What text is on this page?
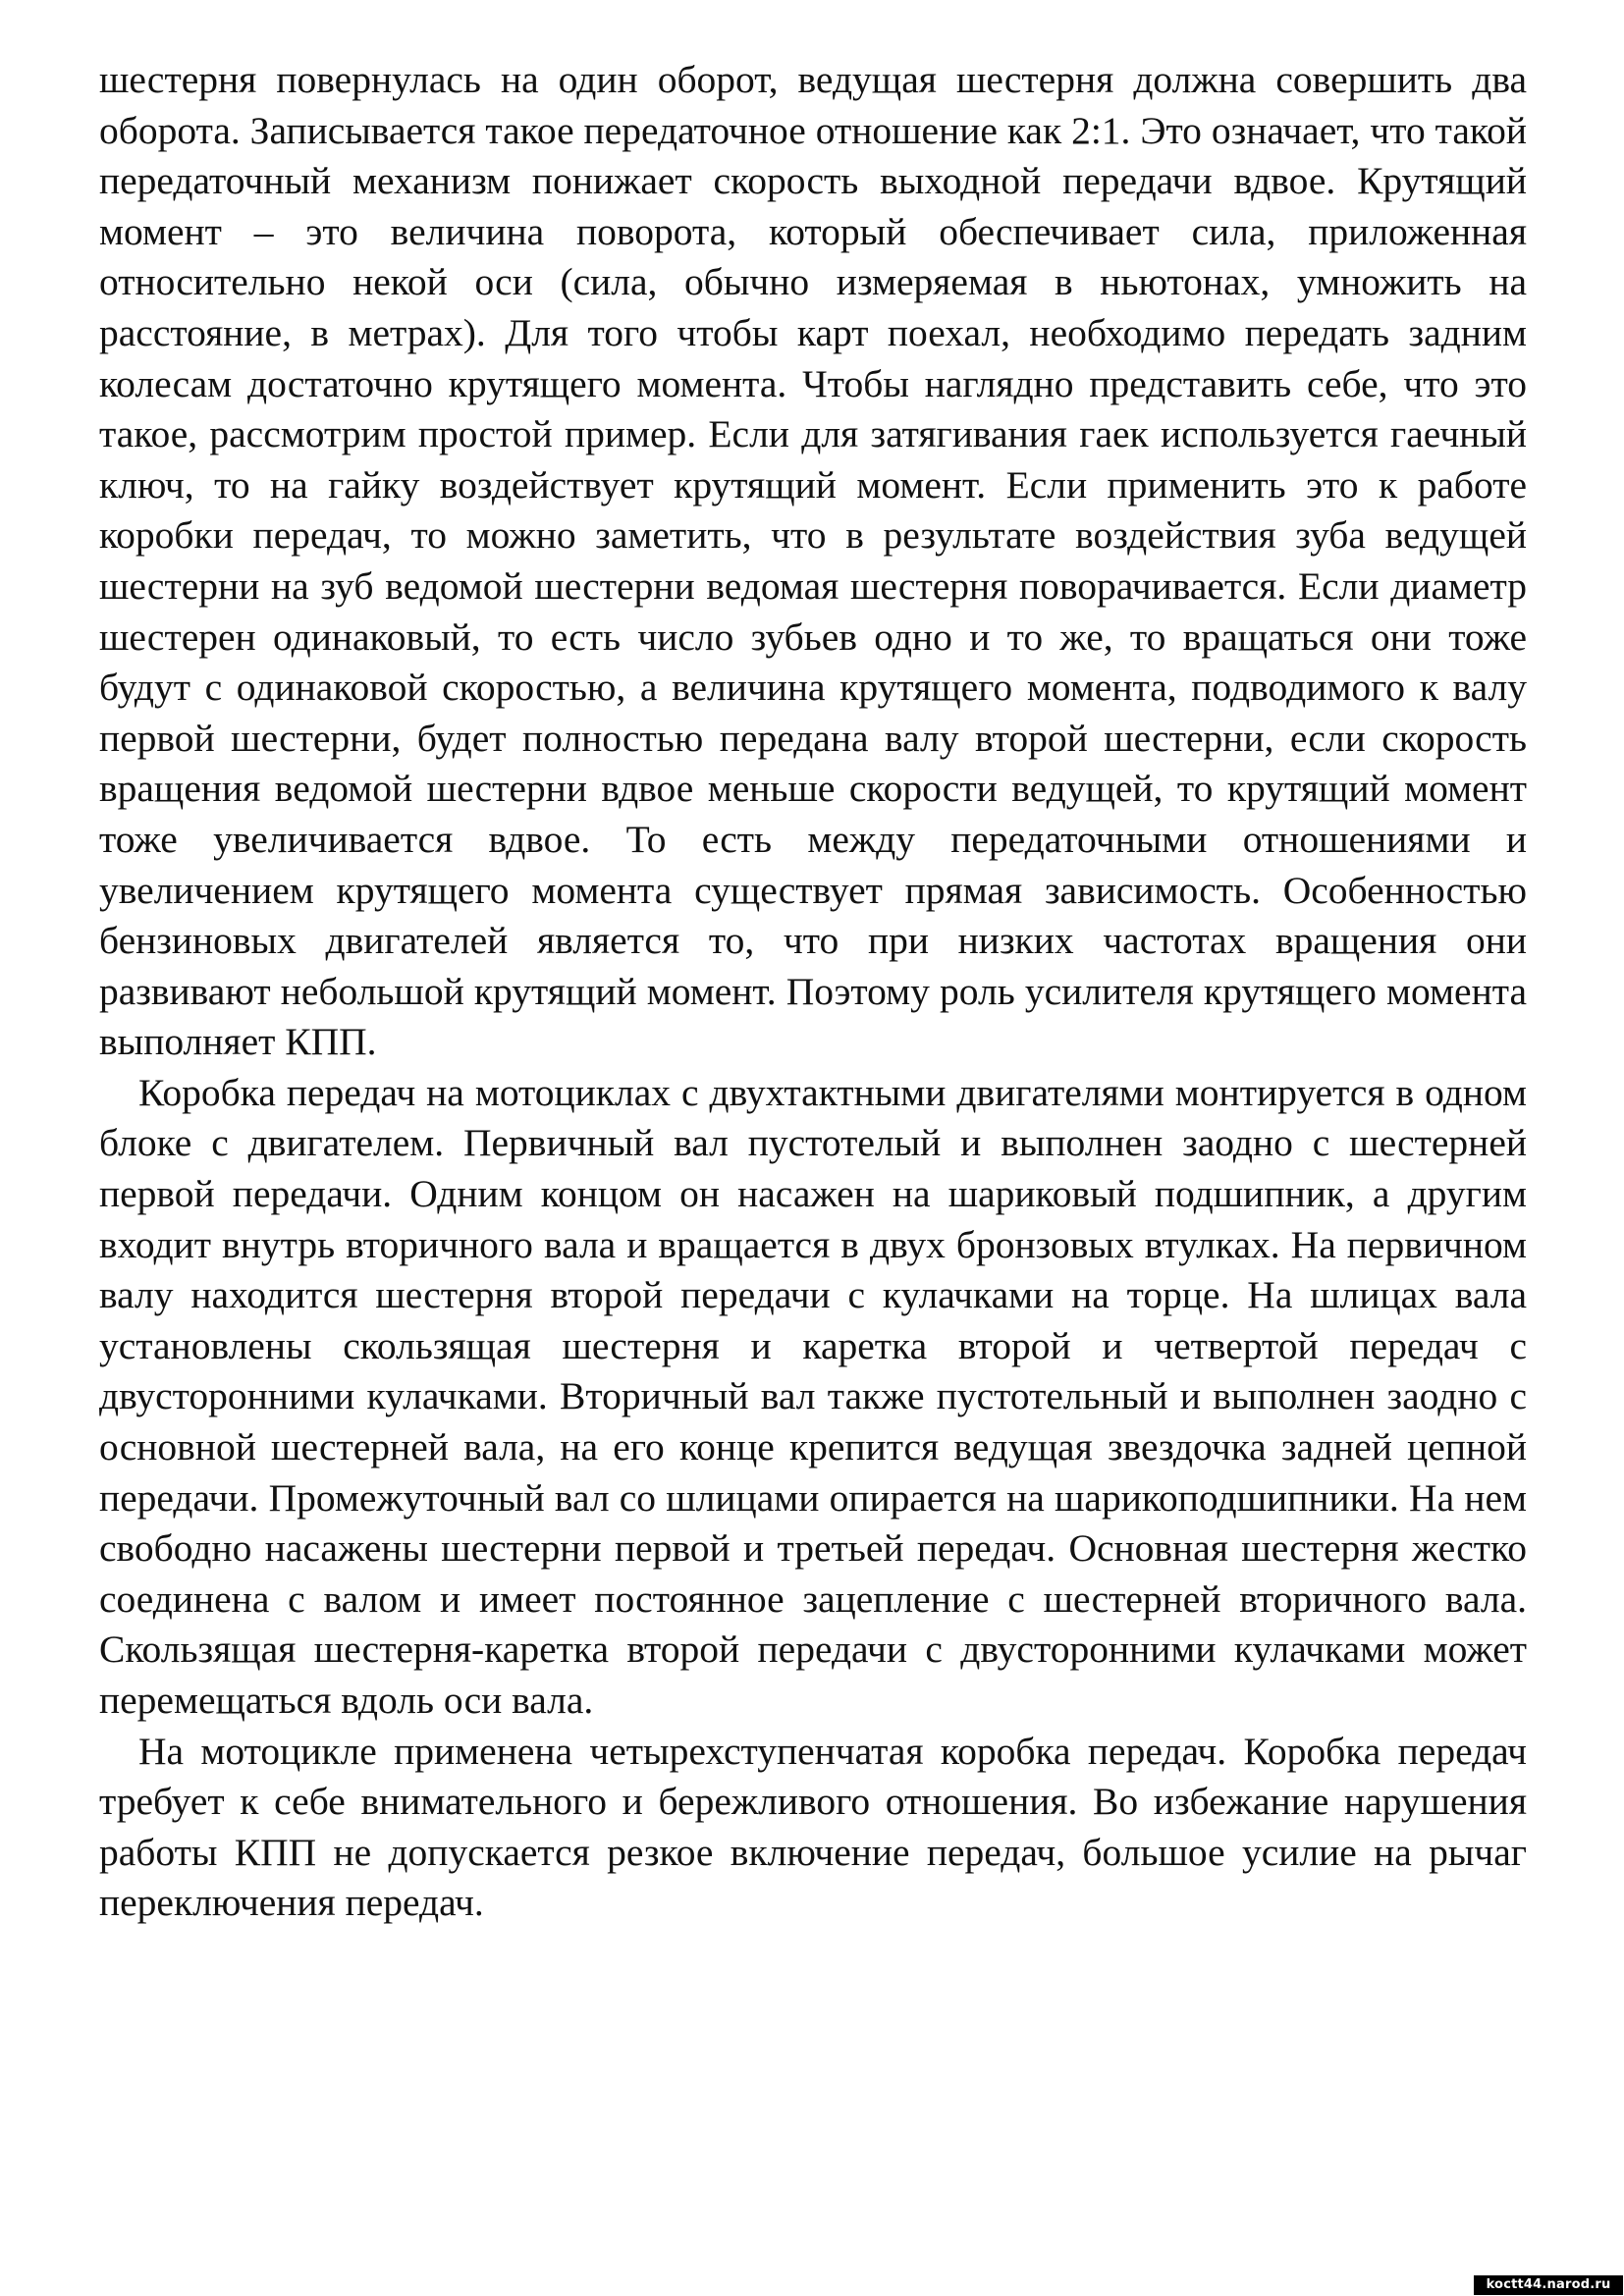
шестерня повернулась на один оборот, ведущая шестерня должна совершить два оборота. Записывается такое передаточное отношение как 2:1. Это означает, что такой передаточный механизм понижает скорость выходной передачи вдвое. Крутящий момент – это величина поворота, который обеспечивает сила, приложенная относительно некой оси (сила, обычно измеряемая в ньютонах, умножить на расстояние, в метрах). Для того чтобы карт поехал, необходимо передать задним колесам достаточно крутящего момента. Чтобы наглядно представить себе, что это такое, рассмотрим простой пример. Если для затягивания гаек используется гаечный ключ, то на гайку воздействует крутящий момент. Если применить это к работе коробки передач, то можно заметить, что в результате воздействия зуба ведущей шестерни на зуб ведомой шестерни ведомая шестерня поворачивается. Если диаметр шестерен одинаковый, то есть число зубьев одно и то же, то вращаться они тоже будут с одинаковой скоростью, а величина крутящего момента, подводимого к валу первой шестерни, будет полностью передана валу второй шестерни, если скорость вращения ведомой шестерни вдвое меньше скорости ведущей, то крутящий момент тоже увеличивается вдвое. То есть между передаточными отношениями и увеличением крутящего момента существует прямая зависимость. Особенностью бензиновых двигателей является то, что при низких частотах вращения они развивают небольшой крутящий момент. Поэтому роль усилителя крутящего момента выполняет КПП.

Коробка передач на мотоциклах с двухтактными двигателями монтируется в одном блоке с двигателем. Первичный вал пустотелый и выполнен заодно с шестерней первой передачи. Одним концом он насажен на шариковый подшипник, а другим входит внутрь вторичного вала и вращается в двух бронзовых втулках. На первичном валу находится шестерня второй передачи с кулачками на торце. На шлицах вала установлены скользящая шестерня и каретка второй и четвертой передач с двусторонними кулачками. Вторичный вал также пустотельный и выполнен заодно с основной шестерней вала, на его конце крепится ведущая звездочка задней цепной передачи. Промежуточный вал со шлицами опирается на шарикоподшипники. На нем свободно насажены шестерни первой и третьей передач. Основная шестерня жестко соединена с валом и имеет постоянное зацепление с шестерней вторичного вала. Скользящая шестерня-каретка второй передачи с двусторонними кулачками может перемещаться вдоль оси вала.

На мотоцикле применена четырехступенчатая коробка передач. Коробка передач требует к себе внимательного и бережливого отношения. Во избежание нарушения работы КПП не допускается резкое включение передач, большое усилие на рычаг переключения передач.

koctt44.narod.ru
